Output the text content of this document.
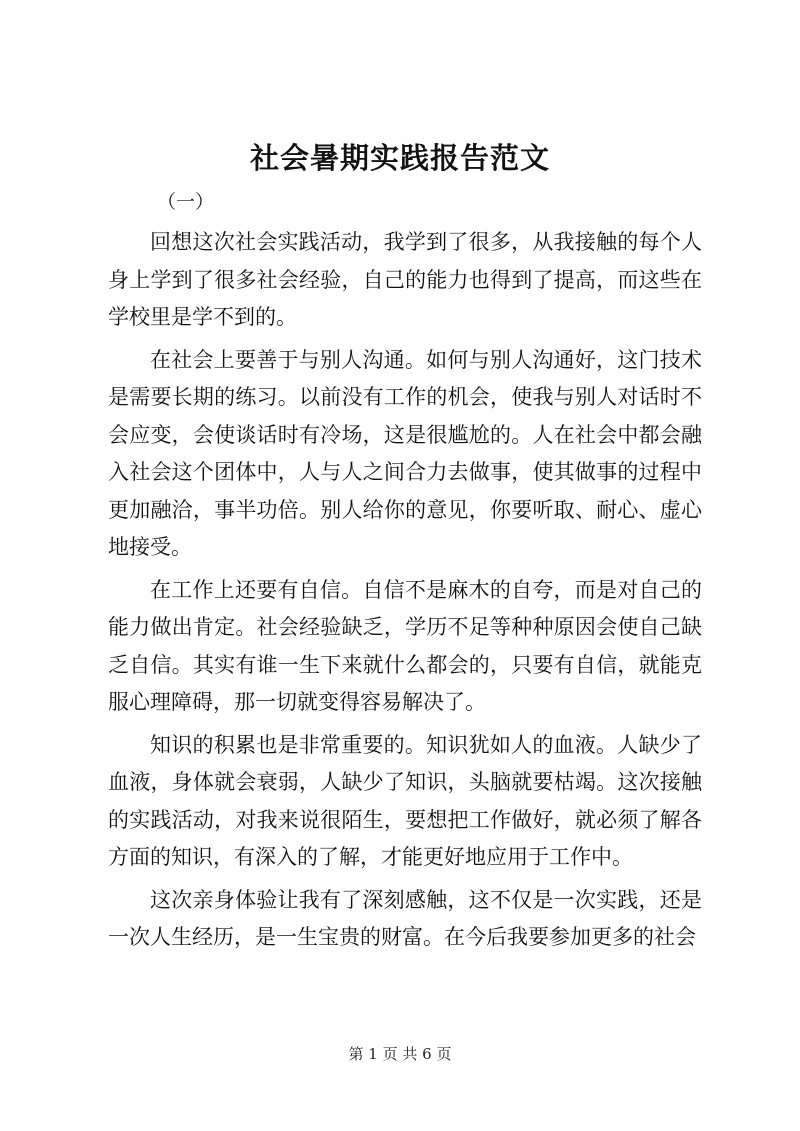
社会暑期实践报告范文
（一）

回想这次社会实践活动，我学到了很多，从我接触的每个人身上学到了很多社会经验，自己的能力也得到了提高，而这些在学校里是学不到的。

在社会上要善于与别人沟通。如何与别人沟通好，这门技术是需要长期的练习。以前没有工作的机会，使我与别人对话时不会应变，会使谈话时有冷场，这是很尴尬的。人在社会中都会融入社会这个团体中，人与人之间合力去做事，使其做事的过程中更加融洽，事半功倍。别人给你的意见，你要听取、耐心、虚心地接受。

在工作上还要有自信。自信不是麻木的自夸，而是对自己的能力做出肯定。社会经验缺乏，学历不足等种种原因会使自己缺乏自信。其实有谁一生下来就什么都会的，只要有自信，就能克服心理障碍，那一切就变得容易解决了。

知识的积累也是非常重要的。知识犹如人的血液。人缺少了血液，身体就会衰弱，人缺少了知识，头脑就要枯竭。这次接触的实践活动，对我来说很陌生，要想把工作做好，就必须了解各方面的知识，有深入的了解，才能更好地应用于工作中。

这次亲身体验让我有了深刻感触，这不仅是一次实践，还是一次人生经历，是一生宝贵的财富。在今后我要参加更多的社会

第 1 页 共 6 页
